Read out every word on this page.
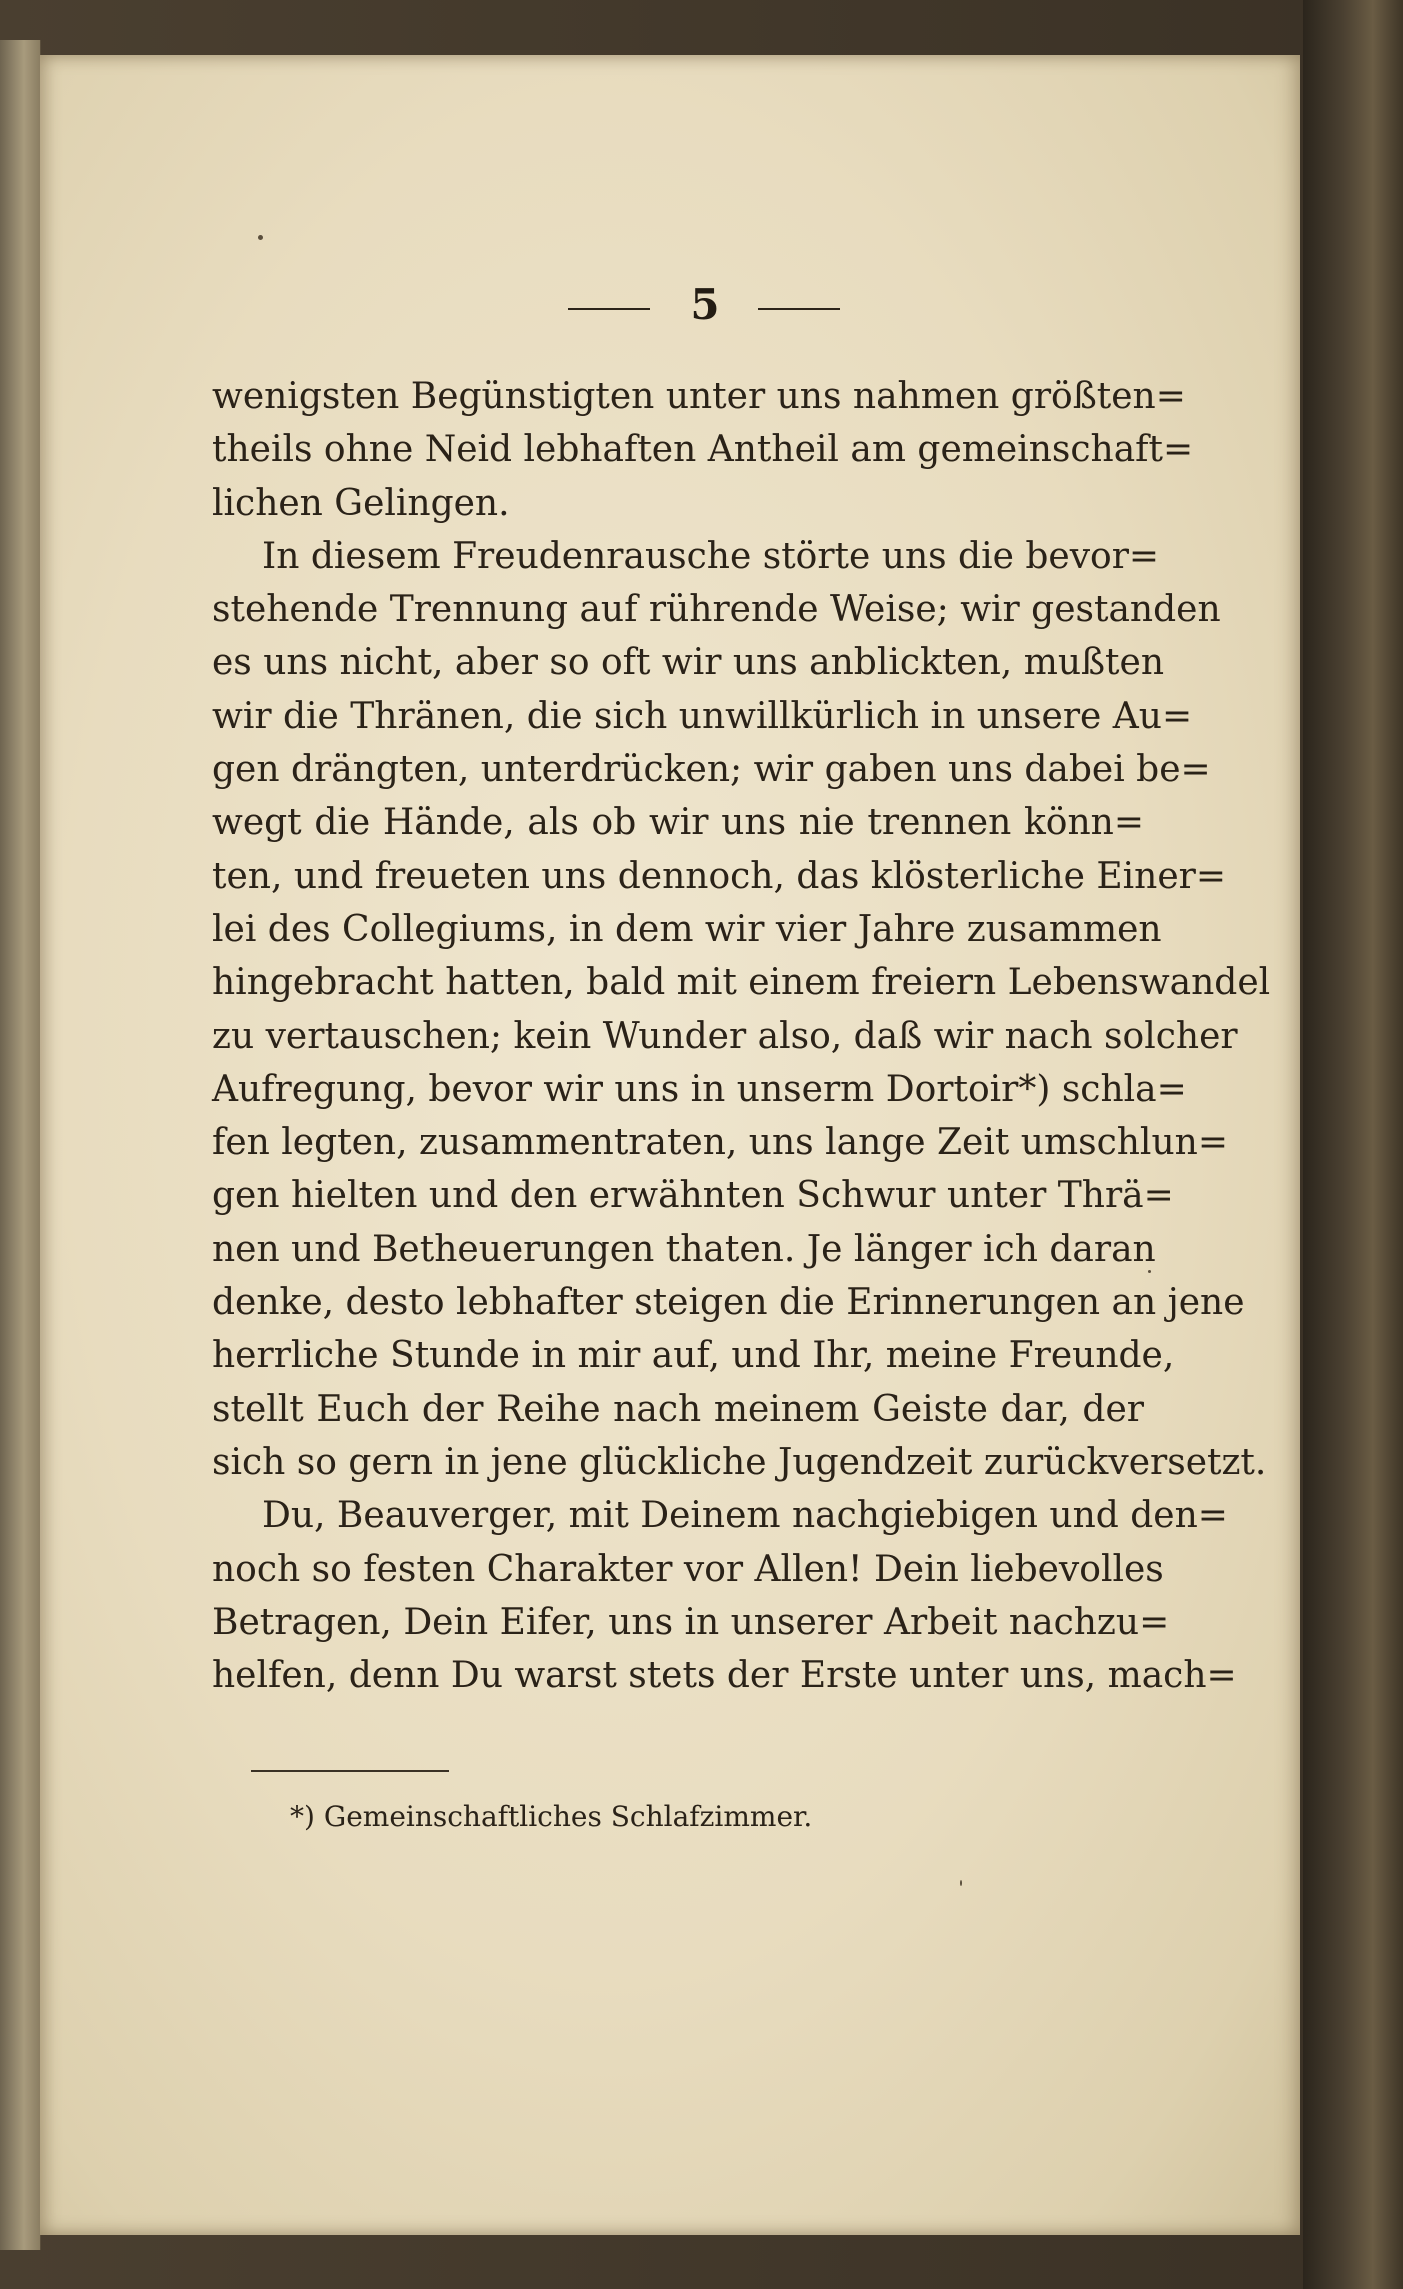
5
wenigsten Begünstigten unter uns nahmen größten=
theils ohne Neid lebhaften Antheil am gemeinschaft=
lichen Gelingen.
In diesem Freudenrausche störte uns die bevor=
stehende Trennung auf rührende Weise; wir gestanden
es uns nicht, aber so oft wir uns anblickten, mußten
wir die Thränen, die sich unwillkürlich in unsere Au=
gen drängten, unterdrücken; wir gaben uns dabei be=
wegt die Hände, als ob wir uns nie trennen könn=
ten, und freueten uns dennoch, das klösterliche Einer=
lei des Collegiums, in dem wir vier Jahre zusammen
hingebracht hatten, bald mit einem freiern Lebenswandel
zu vertauschen; kein Wunder also, daß wir nach solcher
Aufregung, bevor wir uns in unserm Dortoir*) schla=
fen legten, zusammentraten, uns lange Zeit umschlun=
gen hielten und den erwähnten Schwur unter Thrä=
nen und Betheuerungen thaten. Je länger ich daran
denke, desto lebhafter steigen die Erinnerungen an jene
herrliche Stunde in mir auf, und Ihr, meine Freunde,
stellt Euch der Reihe nach meinem Geiste dar, der
sich so gern in jene glückliche Jugendzeit zurückversetzt.
Du, Beauverger, mit Deinem nachgiebigen und den=
noch so festen Charakter vor Allen! Dein liebevolles
Betragen, Dein Eifer, uns in unserer Arbeit nachzu=
helfen, denn Du warst stets der Erste unter uns, mach=
*) Gemeinschaftliches Schlafzimmer.
